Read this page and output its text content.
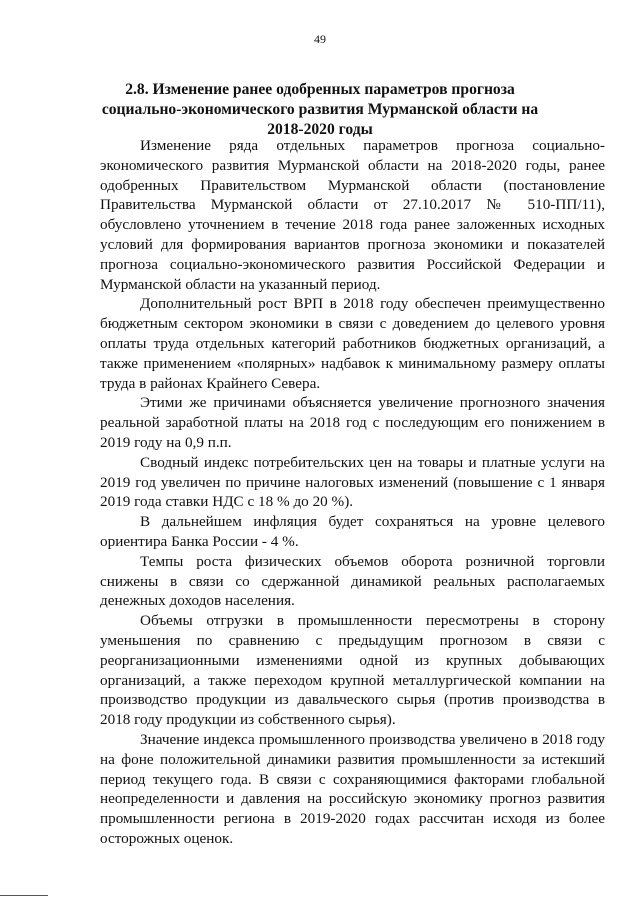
49
2.8. Изменение ранее одобренных параметров прогноза социально-экономического развития Мурманской области на 2018-2020 годы

Изменение ряда отдельных параметров прогноза социально-экономического развития Мурманской области на 2018-2020 годы, ранее одобренных Правительством Мурманской области (постановление Правительства Мурманской области от 27.10.2017 № 510-ПП/11), обусловлено уточнением в течение 2018 года ранее заложенных исходных условий для формирования вариантов прогноза экономики и показателей прогноза социально-экономического развития Российской Федерации и Мурманской области на указанный период.

Дополнительный рост ВРП в 2018 году обеспечен преимущественно бюджетным сектором экономики в связи с доведением до целевого уровня оплаты труда отдельных категорий работников бюджетных организаций, а также применением «полярных» надбавок к минимальному размеру оплаты труда в районах Крайнего Севера.

Этими же причинами объясняется увеличение прогнозного значения реальной заработной платы на 2018 год с последующим его понижением в 2019 году на 0,9 п.п.

Сводный индекс потребительских цен на товары и платные услуги на 2019 год увеличен по причине налоговых изменений (повышение с 1 января 2019 года ставки НДС с 18 % до 20 %).

В дальнейшем инфляция будет сохраняться на уровне целевого ориентира Банка России - 4 %.

Темпы роста физических объемов оборота розничной торговли снижены в связи со сдержанной динамикой реальных располагаемых денежных доходов населения.

Объемы отгрузки в промышленности пересмотрены в сторону уменьшения по сравнению с предыдущим прогнозом в связи с реорганизационными изменениями одной из крупных добывающих организаций, а также переходом крупной металлургической компании на производство продукции из давальческого сырья (против производства в 2018 году продукции из собственного сырья).

Значение индекса промышленного производства увеличено в 2018 году на фоне положительной динамики развития промышленности за истекший период текущего года. В связи с сохраняющимися факторами глобальной неопределенности и давления на российскую экономику прогноз развития промышленности региона в 2019-2020 годах рассчитан исходя из более осторожных оценок.
